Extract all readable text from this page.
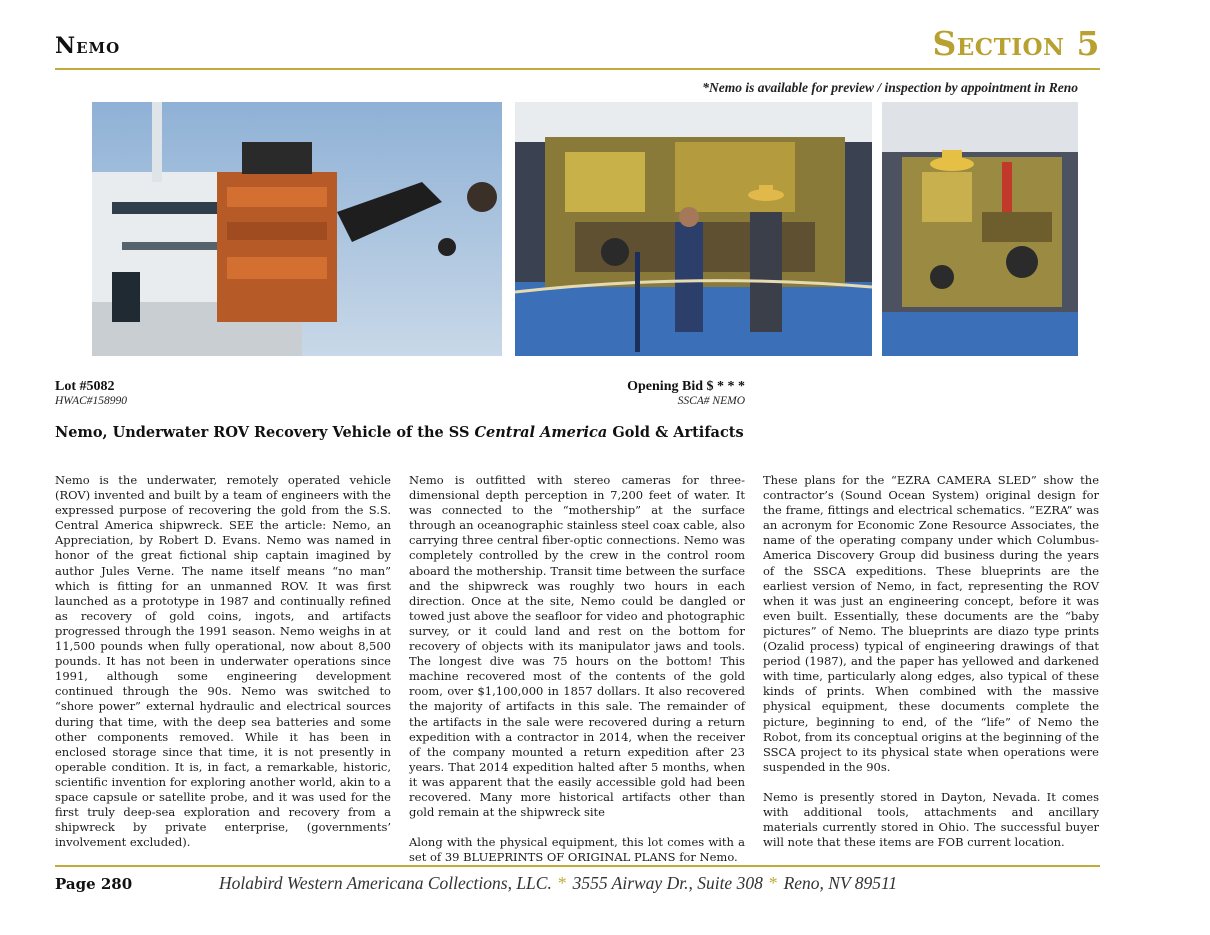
Nemo	Section 5
*Nemo is available for preview / inspection by appointment in Reno
Lot #5082
HWAC#158990
Opening Bid $ * * *
SSCA# NEMO
Nemo, Underwater ROV Recovery Vehicle of the SS Central America Gold & Artifacts

Nemo is the underwater, remotely operated vehicle (ROV) invented and built by a team of engineers with the expressed purpose of recovering the gold from the S.S. Central America shipwreck. SEE the article: Nemo, an Appreciation, by Robert D. Evans. Nemo was named in honor of the great fictional ship captain imagined by author Jules Verne. The name itself means “no man” which is fitting for an unmanned ROV. It was first launched as a prototype in 1987 and continually refined as recovery of gold coins, ingots, and artifacts progressed through the 1991 season. Nemo weighs in at 11,500 pounds when fully operational, now about 8,500 pounds. It has not been in underwater operations since 1991, although some engineering development continued through the 90s. Nemo was switched to “shore power” external hydraulic and electrical sources during that time, with the deep sea batteries and some other components removed. While it has been in enclosed storage since that time, it is not presently in operable condition. It is, in fact, a remarkable, historic, scientific invention for exploring another world, akin to a space capsule or satellite probe, and it was used for the first truly deep-sea exploration and recovery from a shipwreck by private enterprise, (governments’ involvement excluded).

Nemo is outfitted with stereo cameras for three-dimensional depth perception in 7,200 feet of water. It was connected to the “mothership” at the surface through an oceanographic stainless steel coax cable, also carrying three central fiber-optic connections. Nemo was completely controlled by the crew in the control room aboard the mothership. Transit time between the surface and the shipwreck was roughly two hours in each direction. Once at the site, Nemo could be dangled or towed just above the seafloor for video and photographic survey, or it could land and rest on the bottom for recovery of objects with its manipulator jaws and tools. The longest dive was 75 hours on the bottom! This machine recovered most of the contents of the gold room, over $1,100,000 in 1857 dollars. It also recovered the majority of artifacts in this sale. The remainder of the artifacts in the sale were recovered during a return expedition with a contractor in 2014, when the receiver of the company mounted a return expedition after 23 years. That 2014 expedition halted after 5 months, when it was apparent that the easily accessible gold had been recovered. Many more historical artifacts other than gold remain at the shipwreck site

Along with the physical equipment, this lot comes with a set of 39 BLUEPRINTS OF ORIGINAL PLANS for Nemo.

These plans for the “EZRA CAMERA SLED” show the contractor’s (Sound Ocean System) original design for the frame, fittings and electrical schematics. “EZRA” was an acronym for Economic Zone Resource Associates, the name of the operating company under which Columbus-America Discovery Group did business during the years of the SSCA expeditions. These blueprints are the earliest version of Nemo, in fact, representing the ROV when it was just an engineering concept, before it was even built. Essentially, these documents are the “baby pictures” of Nemo. The blueprints are diazo type prints (Ozalid process) typical of engineering drawings of that period (1987), and the paper has yellowed and darkened with time, particularly along edges, also typical of these kinds of prints. When combined with the massive physical equipment, these documents complete the picture, beginning to end, of the “life” of Nemo the Robot, from its conceptual origins at the beginning of the SSCA project to its physical state when operations were suspended in the 90s.

Nemo is presently stored in Dayton, Nevada. It comes with additional tools, attachments and ancillary materials currently stored in Ohio. The successful buyer will note that these items are FOB current location.

Page 280	Holabird Western Americana Collections, LLC. * 3555 Airway Dr., Suite 308 * Reno, NV 89511
